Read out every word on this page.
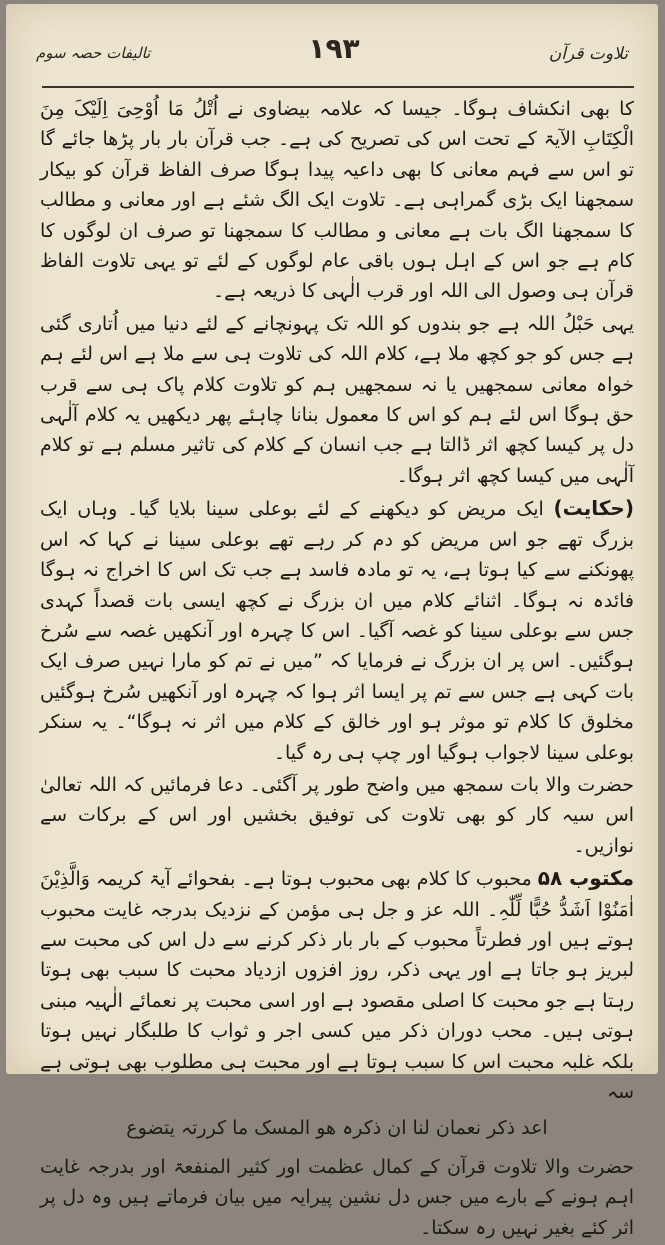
تلاوت قرآن
١٩٣
تالیفات حصہ سوم

کا بھی انکشاف ہوگا۔ جیسا کہ علامہ بیضاوی نے اُتْلُ مَا اُوْحِیَ اِلَیْکَ مِنَ الْکِتَابِ الآیۃ کے تحت اس کی تصریح کی ہے۔ جب قرآن بار بار پڑھا جائے گا تو اس سے فہم معانی کا بھی داعیہ پیدا ہوگا صرف الفاظ قرآن کو بیکار سمجھنا ایک بڑی گمراہی ہے۔ تلاوت ایک الگ شئے ہے اور معانی و مطالب کا سمجھنا الگ بات ہے معانی و مطالب کا سمجھنا تو صرف ان لوگوں کا کام ہے جو اس کے اہل ہوں باقی عام لوگوں کے لئے تو یہی تلاوت الفاظ قرآن ہی وصول الی اللہ اور قرب الٰہی کا ذریعہ ہے۔

یہی حَبْلُ اللہ ہے جو بندوں کو اللہ تک پہونچانے کے لئے دنیا میں اُتاری گئی ہے جس کو جو کچھ ملا ہے، کلام اللہ کی تلاوت ہی سے ملا ہے اس لئے ہم خواہ معانی سمجھیں یا نہ سمجھیں ہم کو تلاوت کلام پاک ہی سے قرب حق ہوگا اس لئے ہم کو اس کا معمول بنانا چاہئے پھر دیکھیں یہ کلام آلٰہی دل پر کیسا کچھ اثر ڈالتا ہے جب انسان کے کلام کی تاثیر مسلم ہے تو کلام آلٰہی میں کیسا کچھ اثر ہوگا۔

(حکایت) ایک مریض کو دیکھنے کے لئے بوعلی سینا بلایا گیا۔ وہاں ایک بزرگ تھے جو اس مریض کو دم کر رہے تھے بوعلی سینا نے کہا کہ اس پھونکنے سے کیا ہوتا ہے، یہ تو مادہ فاسد ہے جب تک اس کا اخراج نہ ہوگا فائدہ نہ ہوگا۔ اثنائے کلام میں ان بزرگ نے کچھ ایسی بات قصداً کہدی جس سے بوعلی سینا کو غصہ آگیا۔ اس کا چہرہ اور آنکھیں غصہ سے سُرخ ہوگئیں۔ اس پر ان بزرگ نے فرمایا کہ ”میں نے تم کو مارا نہیں صرف ایک بات کہی ہے جس سے تم پر ایسا اثر ہوا کہ چہرہ اور آنکھیں سُرخ ہوگئیں مخلوق کا کلام تو موثر ہو اور خالق کے کلام میں اثر نہ ہوگا“۔ یہ سنکر بوعلی سینا لاجواب ہوگیا اور چپ ہی رہ گیا۔

حضرت والا بات سمجھ میں واضح طور پر آگئی۔ دعا فرمائیں کہ اللہ تعالیٰ اس سیہ کار کو بھی تلاوت کی توفیق بخشیں اور اس کے برکات سے نوازیں۔

مکتوب ۵۸ محبوب کا کلام بھی محبوب ہوتا ہے۔ بفحوائے آیۃ کریمہ وَالَّذِیْنَ اٰمَنُوْا اَشَدُّ حُبًّا لِّلّٰہِ۔ اللہ عز و جل ہی مؤمن کے نزدیک بدرجہ غایت محبوب ہوتے ہیں اور فطرتاً محبوب کے بار بار ذکر کرنے سے دل اس کی محبت سے لبریز ہو جاتا ہے اور یہی ذکر، روز افزوں ازدیاد محبت کا سبب بھی ہوتا رہتا ہے جو محبت کا اصلی مقصود ہے اور اسی محبت پر نعمائے الٰہیہ مبنی ہوتی ہیں۔ محب دوران ذکر میں کسی اجر و ثواب کا طلبگار نہیں ہوتا بلکہ غلبہ محبت اس کا سبب ہوتا ہے اور محبت ہی مطلوب بھی ہوتی ہے سہ

اعد ذکر نعمان لنا ان ذکرہ ھو المسک ما کررتہ یتضوع

حضرت والا تلاوت قرآن کے کمال عظمت اور کثیر المنفعۃ اور بدرجہ غایت اہم ہونے کے بارے میں جس دل نشین پیرایہ میں بیان فرماتے ہیں وہ دل پر اثر کئے بغیر نہیں رہ سکتا۔
